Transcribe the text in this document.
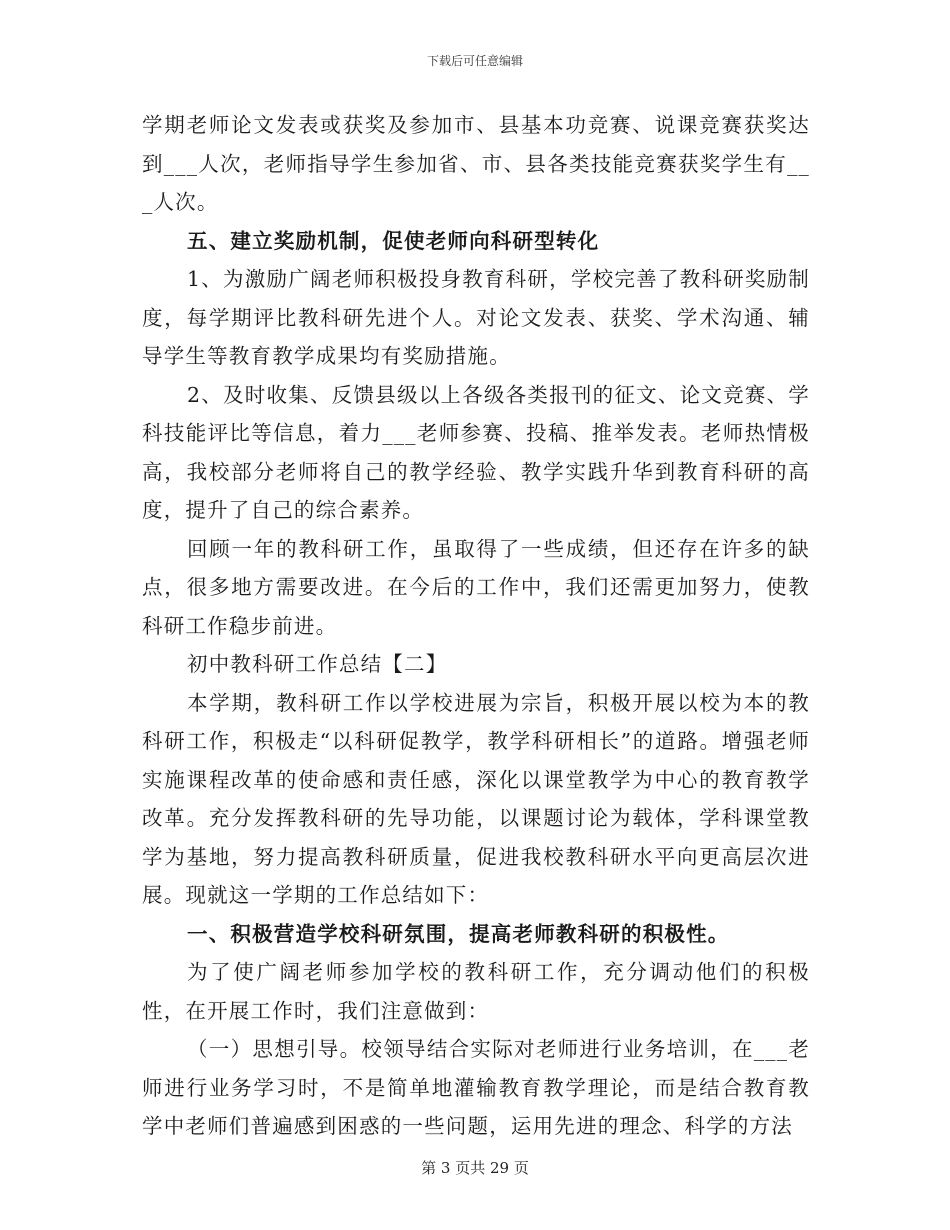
下载后可任意编辑

学期老师论文发表或获奖及参加市、县基本功竞赛、说课竞赛获奖达到___人次，老师指导学生参加省、市、县各类技能竞赛获奖学生有___人次。

五、建立奖励机制，促使老师向科研型转化

1、为激励广阔老师积极投身教育科研，学校完善了教科研奖励制度，每学期评比教科研先进个人。对论文发表、获奖、学术沟通、辅导学生等教育教学成果均有奖励措施。

2、及时收集、反馈县级以上各级各类报刊的征文、论文竞赛、学科技能评比等信息，着力___老师参赛、投稿、推举发表。老师热情极高，我校部分老师将自己的教学经验、教学实践升华到教育科研的高度，提升了自己的综合素养。

回顾一年的教科研工作，虽取得了一些成绩，但还存在许多的缺点，很多地方需要改进。在今后的工作中，我们还需更加努力，使教科研工作稳步前进。

初中教科研工作总结【二】

本学期，教科研工作以学校进展为宗旨，积极开展以校为本的教科研工作，积极走“以科研促教学，教学科研相长”的道路。增强老师实施课程改革的使命感和责任感，深化以课堂教学为中心的教育教学改革。充分发挥教科研的先导功能，以课题讨论为载体，学科课堂教学为基地，努力提高教科研质量，促进我校教科研水平向更高层次进展。现就这一学期的工作总结如下：

一、积极营造学校科研氛围，提高老师教科研的积极性。

为了使广阔老师参加学校的教科研工作，充分调动他们的积极性，在开展工作时，我们注意做到：

（一）思想引导。校领导结合实际对老师进行业务培训，在___老师进行业务学习时，不是简单地灌输教育教学理论，而是结合教育教学中老师们普遍感到困惑的一些问题，运用先进的理念、科学的方法

第 3 页共 29 页
